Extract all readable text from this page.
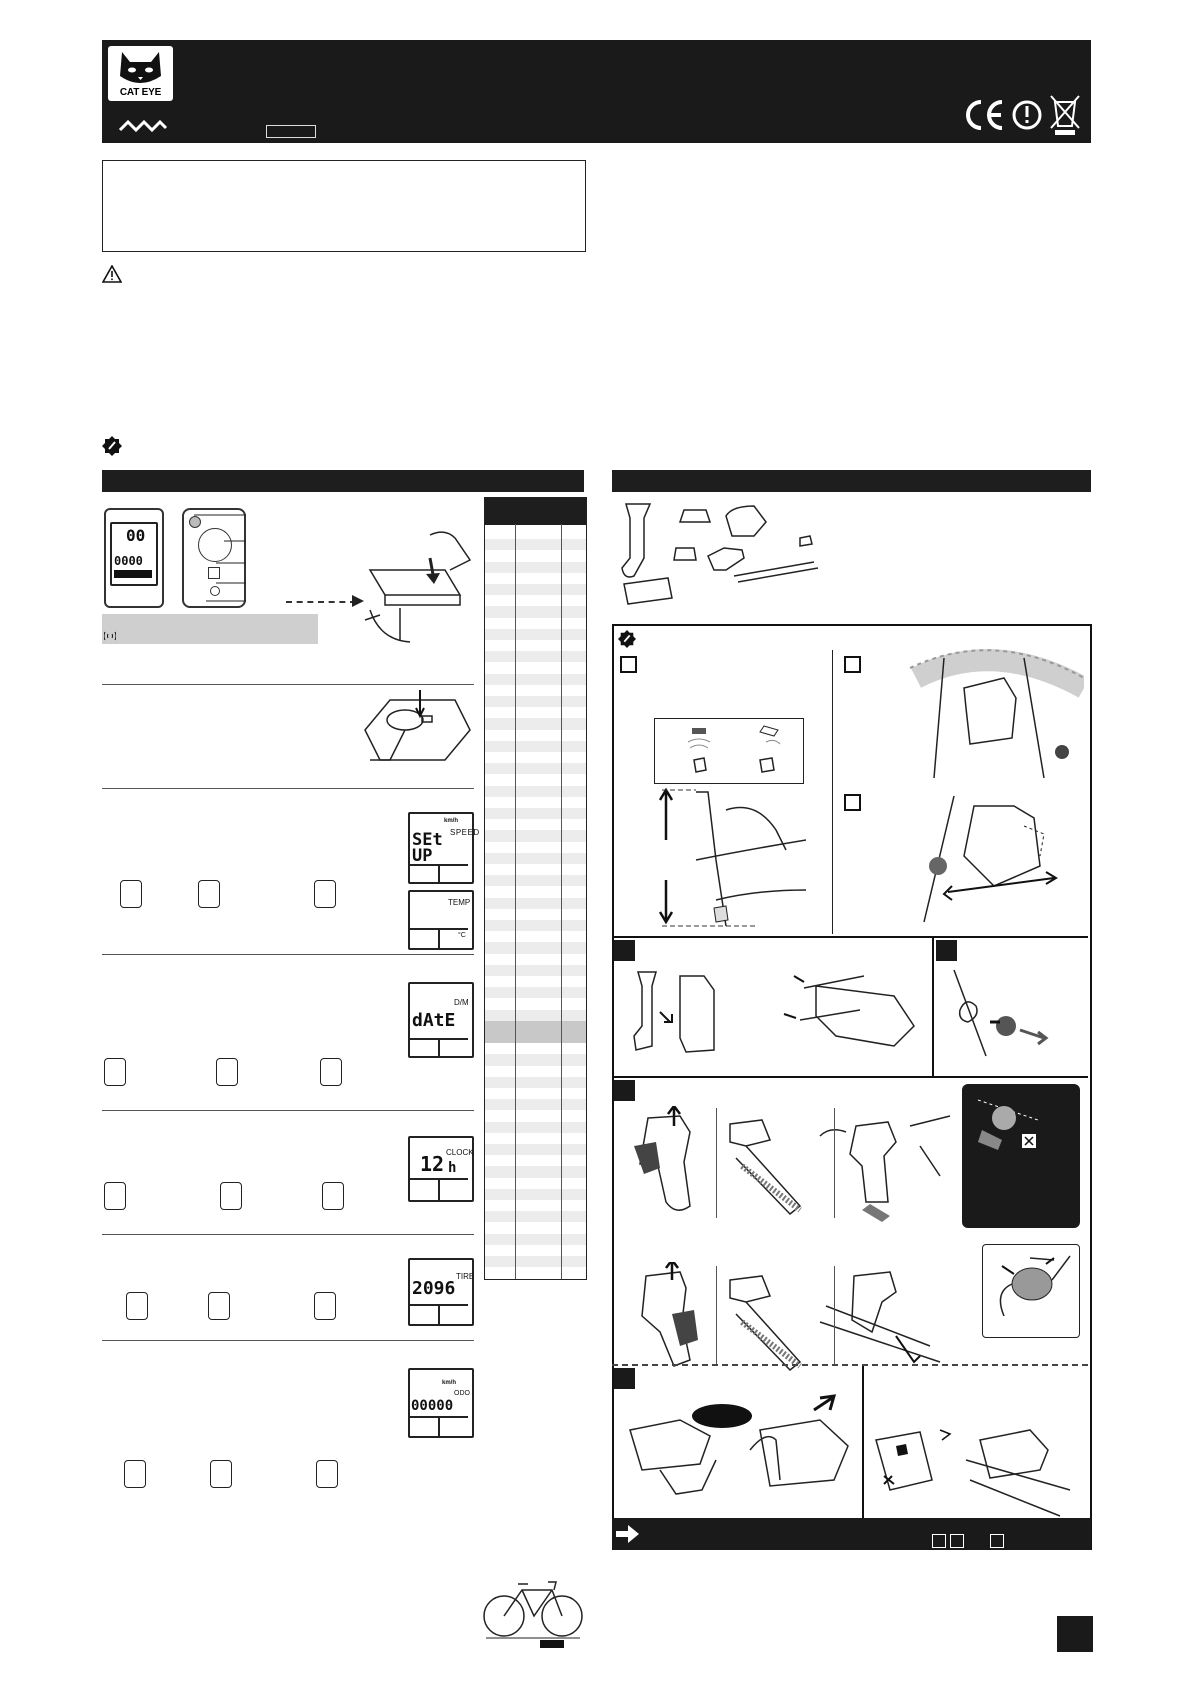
CAT EYE
00
0000
km/h
SPEED
SEt UP
TEMP
°C
D/M
dAtE
CLOCK
12 h
TIRE
2096
km/h
ODO
00000
